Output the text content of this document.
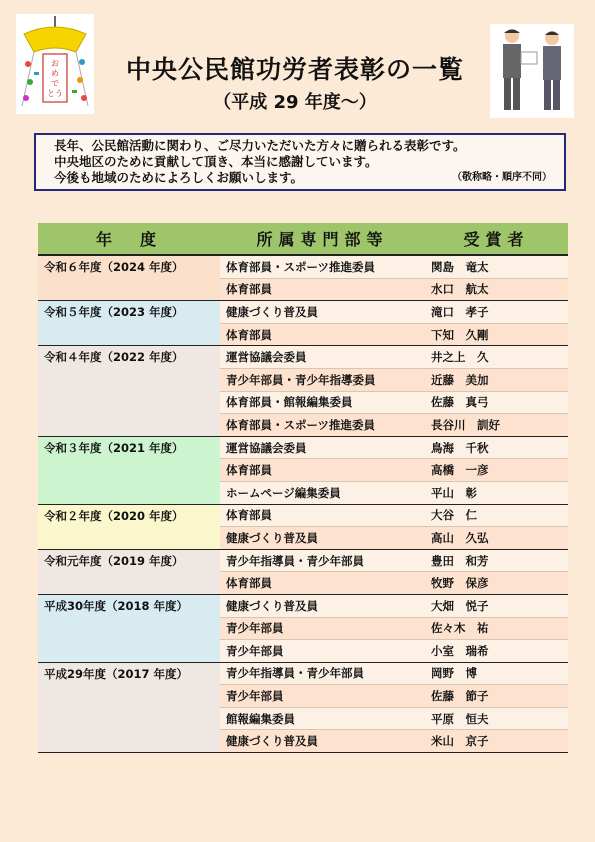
お
め
で
とう
中央公民館功労者表彰の一覧
（平成 29 年度～）
長年、公民館活動に関わり、ご尽力いただいた方々に贈られる表彰です。
中央地区のために貢献して頂き、本当に感謝しています。
今後も地域のためによろしくお願いします。	（敬称略・順序不同）
年　度	所属専門部等	受賞者
令和６年度（2024 年度）	体育部員・スポーツ推進委員	関島　竜太
	体育部員	水口　航太
令和５年度（2023 年度）	健康づくり普及員	滝口　孝子
	体育部員	下知　久剛
令和４年度（2022 年度）	運営協議会委員	井之上　久
	青少年部員・青少年指導委員	近藤　美加
	体育部員・館報編集委員	佐藤　真弓
	体育部員・スポーツ推進委員	長谷川　訓好
令和３年度（2021 年度）	運営協議会委員	鳥海　千秋
	体育部員	高橋　一彦
	ホームページ編集委員	平山　彰
令和２年度（2020 年度）	体育部員	大谷　仁
	健康づくり普及員	高山　久弘
令和元年度（2019 年度）	青少年指導員・青少年部員	豊田　和芳
	体育部員	牧野　保彦
平成30年度（2018 年度）	健康づくり普及員	大畑　悦子
	青少年部員	佐々木　祐
	青少年部員	小室　瑞希
平成29年度（2017 年度）	青少年指導員・青少年部員	岡野　博
	青少年部員	佐藤　節子
	館報編集委員	平原　恒夫
	健康づくり普及員	米山　京子
